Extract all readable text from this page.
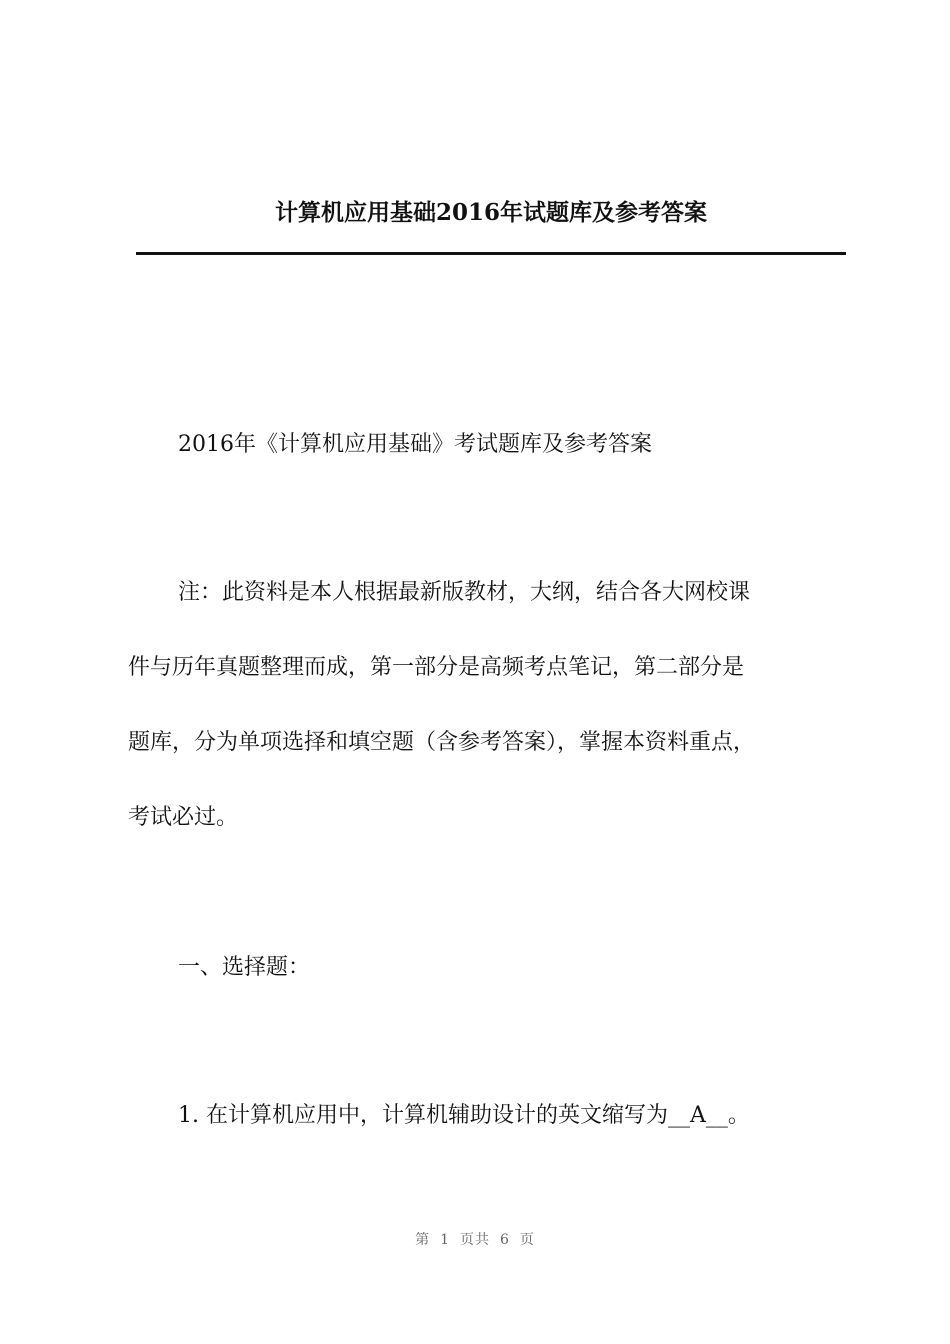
计算机应用基础2016年试题库及参考答案
2016年《计算机应用基础》考试题库及参考答案
注：此资料是本人根据最新版教材，大纲，结合各大网校课
件与历年真题整理而成，第一部分是高频考点笔记，第二部分是
题库，分为单项选择和填空题（含参考答案），掌握本资料重点，
考试必过。
一、选择题：
1. 在计算机应用中，计算机辅助设计的英文缩写为__A__。
第 1 页共 6 页
